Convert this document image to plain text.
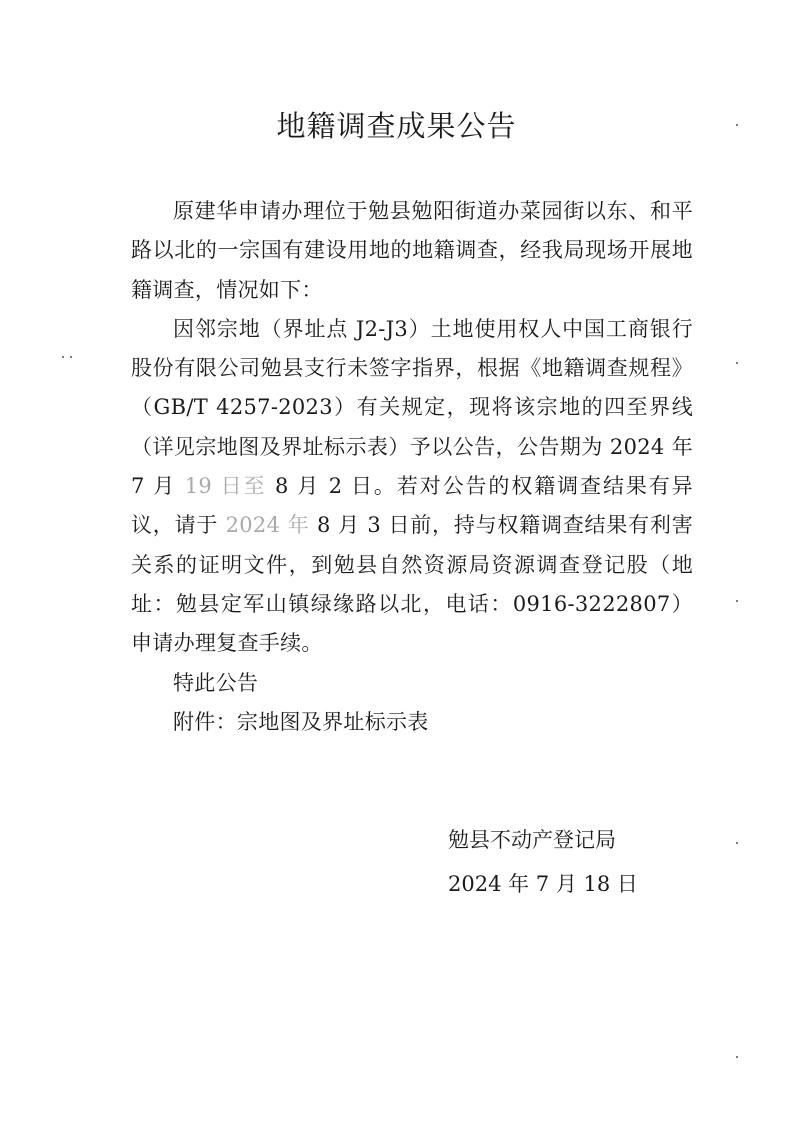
地籍调查成果公告

原建华申请办理位于勉县勉阳街道办菜园街以东、和平路以北的一宗国有建设用地的地籍调查，经我局现场开展地籍调查，情况如下：

因邻宗地（界址点 J2-J3）土地使用权人中国工商银行股份有限公司勉县支行未签字指界，根据《地籍调查规程》（GB/T 4257-2023）有关规定，现将该宗地的四至界线（详见宗地图及界址标示表）予以公告，公告期为 2024 年 7 月 19 日至 8 月 2 日。若对公告的权籍调查结果有异议，请于 2024 年 8 月 3 日前，持与权籍调查结果有利害关系的证明文件，到勉县自然资源局资源调查登记股（地址：勉县定军山镇绿缘路以北，电话：0916-3222807）申请办理复查手续。

特此公告

附件：宗地图及界址标示表

勉县不动产登记局
2024 年 7 月 18 日
